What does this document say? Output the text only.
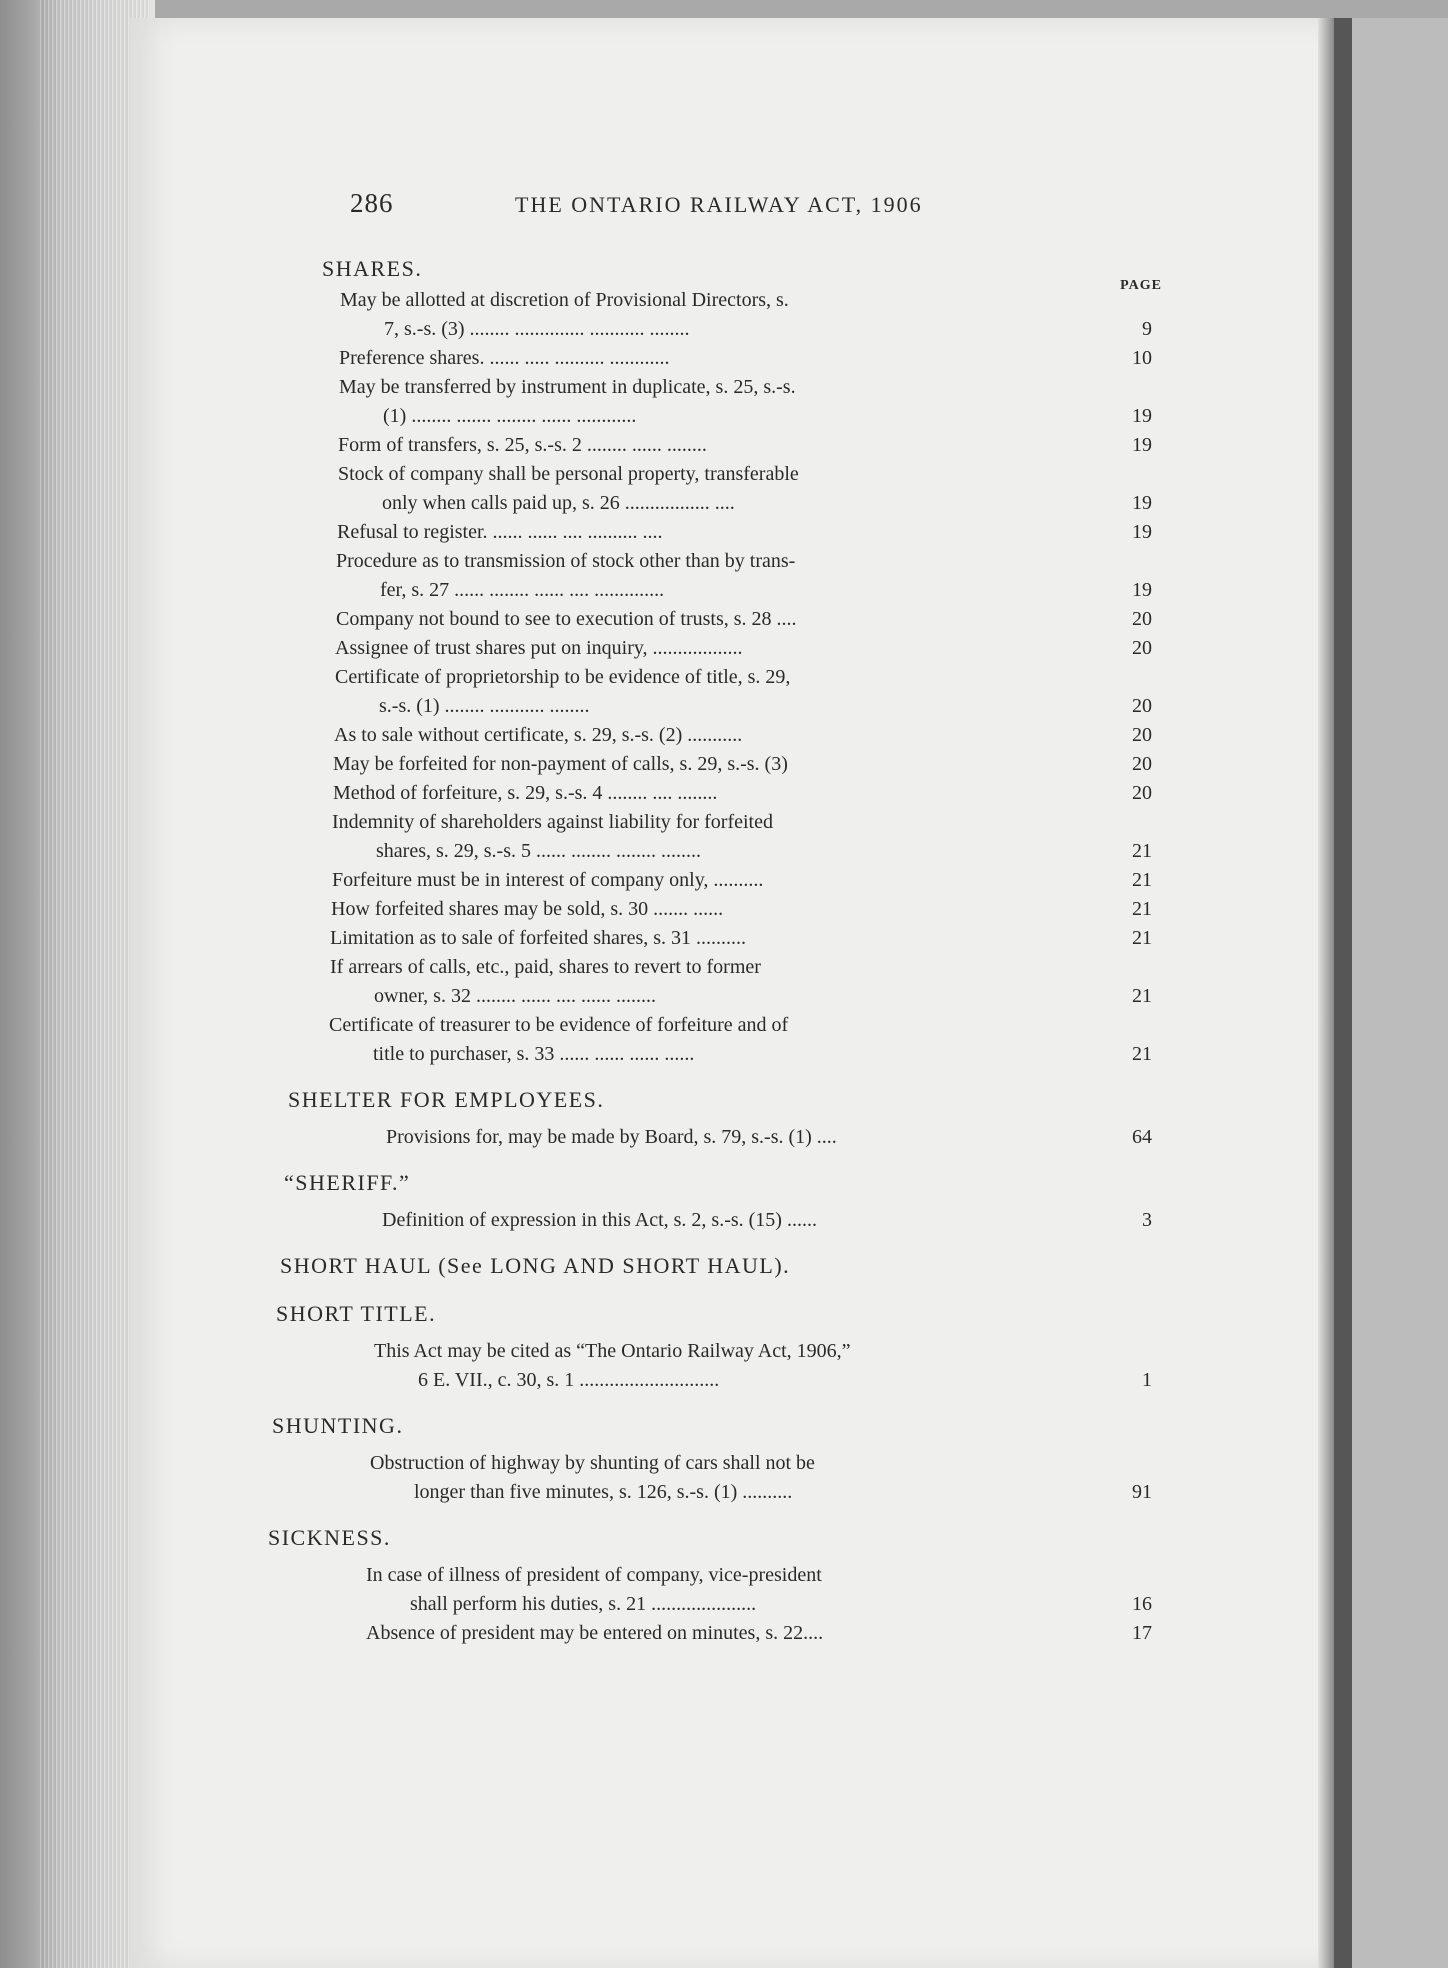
286	THE ONTARIO RAILWAY ACT, 1906
PAGE
SHARES.
May be allotted at discretion of Provisional Directors, s.
7, s.-s. (3) ........ .............. ........... ........	9
Preference shares. ...... ..... .......... ............	10
May be transferred by instrument in duplicate, s. 25, s.-s.
(1) ........ ....... ........ ...... ............	19
Form of transfers, s. 25, s.-s. 2 ........ ...... ........	19
Stock of company shall be personal property, transferable
only when calls paid up, s. 26 ................. ....	19
Refusal to register. ...... ...... .... .......... ....	19
Procedure as to transmission of stock other than by trans-
fer, s. 27 ...... ........ ...... .... ..............	19
Company not bound to see to execution of trusts, s. 28 ....	20
Assignee of trust shares put on inquiry, ..................	20
Certificate of proprietorship to be evidence of title, s. 29,
s.-s. (1) ........ ........... ........	20
As to sale without certificate, s. 29, s.-s. (2) ...........	20
May be forfeited for non-payment of calls, s. 29, s.-s. (3)	20
Method of forfeiture, s. 29, s.-s. 4 ........ .... ........	20
Indemnity of shareholders against liability for forfeited
shares, s. 29, s.-s. 5 ...... ........ ........ ........	21
Forfeiture must be in interest of company only, ..........	21
How forfeited shares may be sold, s. 30 ....... ......	21
Limitation as to sale of forfeited shares, s. 31 ..........	21
If arrears of calls, etc., paid, shares to revert to former
owner, s. 32 ........ ...... .... ...... ........	21
Certificate of treasurer to be evidence of forfeiture and of
title to purchaser, s. 33 ...... ...... ...... ......	21
SHELTER FOR EMPLOYEES.
Provisions for, may be made by Board, s. 79, s.-s. (1) ....	64
“SHERIFF.”
Definition of expression in this Act, s. 2, s.-s. (15) ......	3
SHORT HAUL (See LONG AND SHORT HAUL).
SHORT TITLE.
This Act may be cited as “The Ontario Railway Act, 1906,”
6 E. VII., c. 30, s. 1 ............................	1
SHUNTING.
Obstruction of highway by shunting of cars shall not be
longer than five minutes, s. 126, s.-s. (1) ..........	91
SICKNESS.
In case of illness of president of company, vice-president
shall perform his duties, s. 21 .....................	16
Absence of president may be entered on minutes, s. 22....	17
